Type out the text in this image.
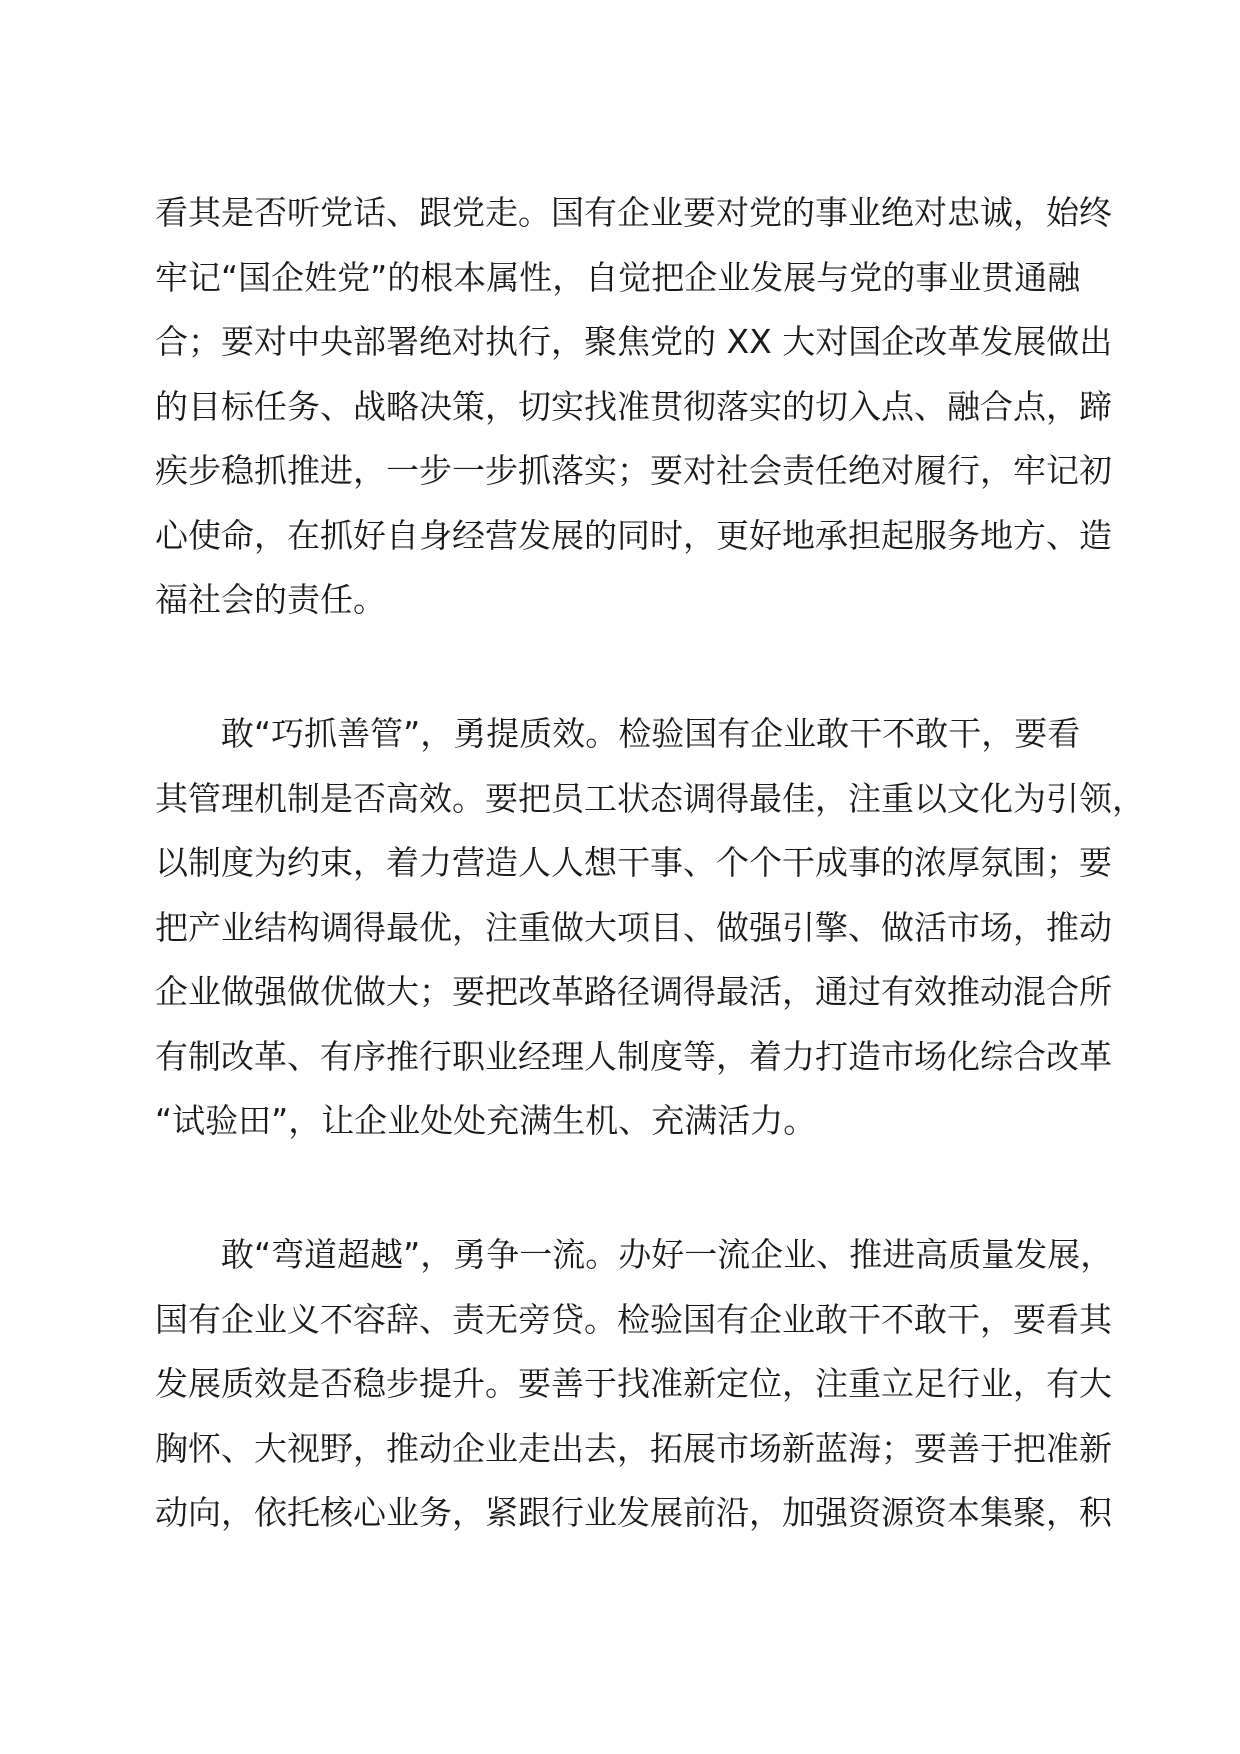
看其是否听党话、跟党走。国有企业要对党的事业绝对忠诚，始终
牢记“国企姓党”的根本属性，自觉把企业发展与党的事业贯通融
合；要对中央部署绝对执行，聚焦党的 XX 大对国企改革发展做出
的目标任务、战略决策，切实找准贯彻落实的切入点、融合点，蹄
疾步稳抓推进，一步一步抓落实；要对社会责任绝对履行，牢记初
心使命，在抓好自身经营发展的同时，更好地承担起服务地方、造
福社会的责任。
　　敢“巧抓善管”，勇提质效。检验国有企业敢干不敢干，要看
其管理机制是否高效。要把员工状态调得最佳，注重以文化为引领，
以制度为约束，着力营造人人想干事、个个干成事的浓厚氛围；要
把产业结构调得最优，注重做大项目、做强引擎、做活市场，推动
企业做强做优做大；要把改革路径调得最活，通过有效推动混合所
有制改革、有序推行职业经理人制度等，着力打造市场化综合改革
“试验田”，让企业处处充满生机、充满活力。
　　敢“弯道超越”，勇争一流。办好一流企业、推进高质量发展，
国有企业义不容辞、责无旁贷。检验国有企业敢干不敢干，要看其
发展质效是否稳步提升。要善于找准新定位，注重立足行业，有大
胸怀、大视野，推动企业走出去，拓展市场新蓝海；要善于把准新
动向，依托核心业务，紧跟行业发展前沿，加强资源资本集聚，积
